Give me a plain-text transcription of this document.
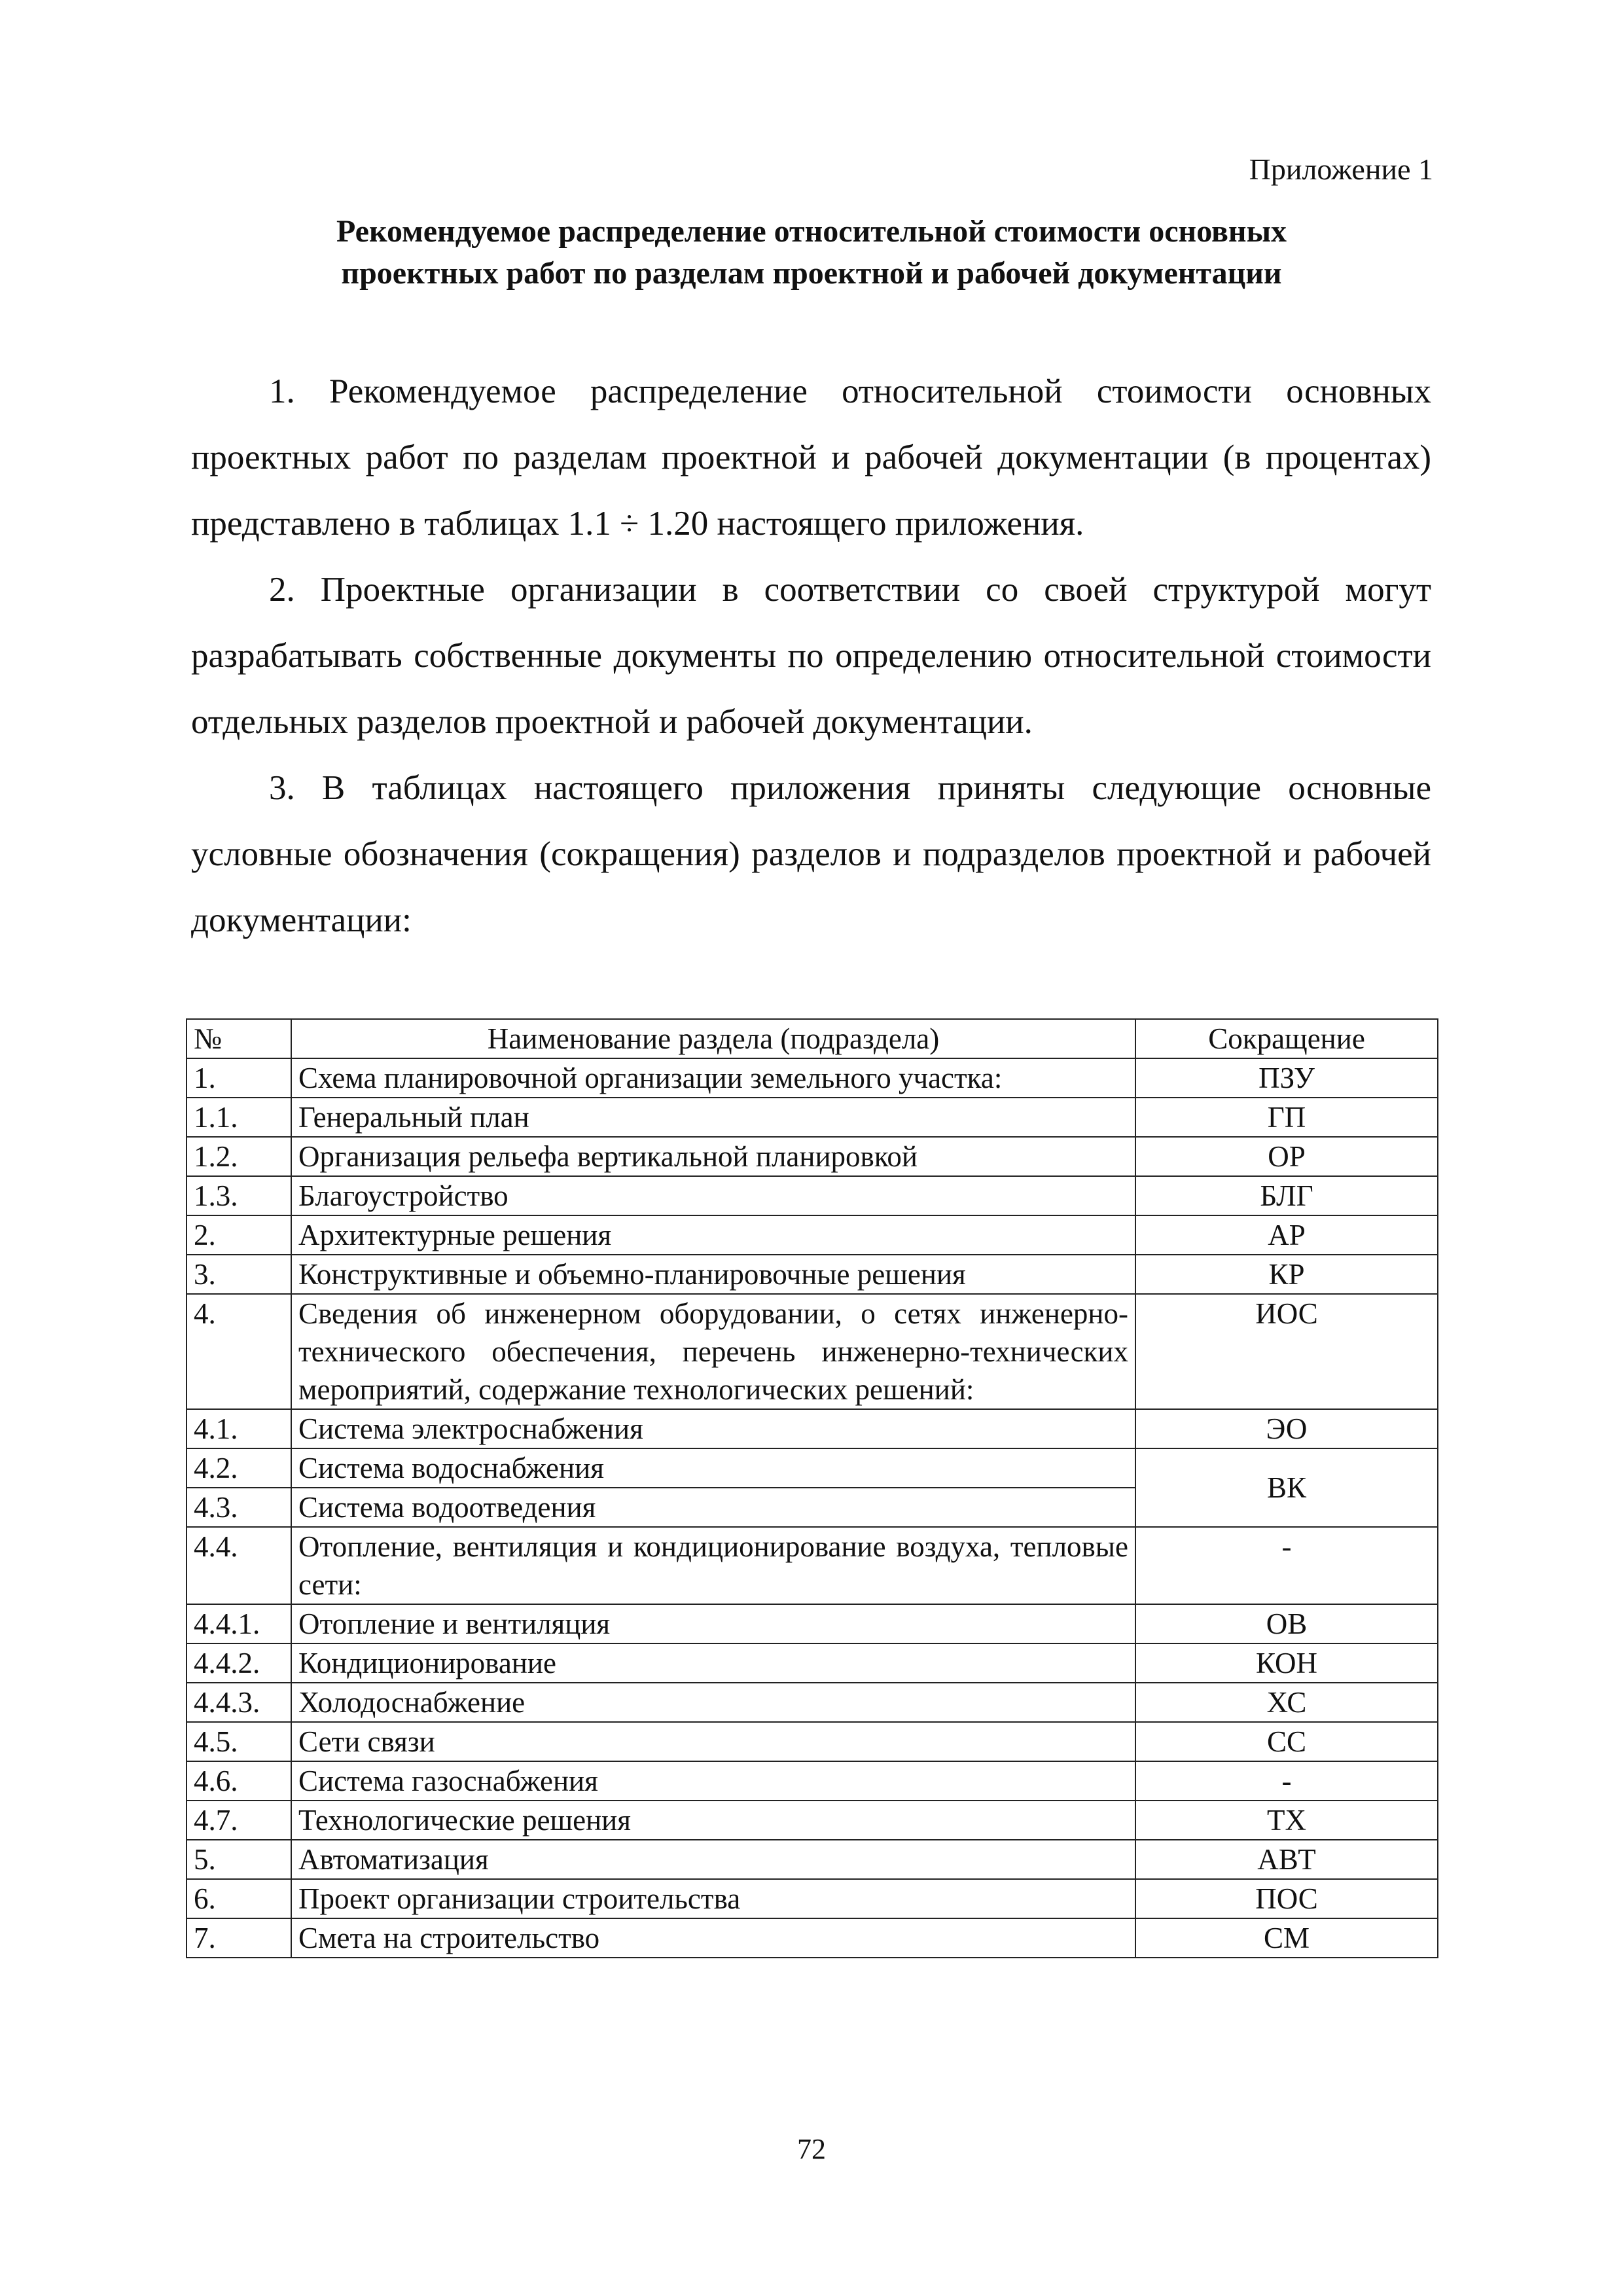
Приложение 1
Рекомендуемое распределение относительной стоимости основных
проектных работ по разделам проектной и рабочей документации

1. Рекомендуемое распределение относительной стоимости основных проектных работ по разделам проектной и рабочей документации (в процентах) представлено в таблицах 1.1 ÷ 1.20 настоящего приложения.

2. Проектные организации в соответствии со своей структурой могут разрабатывать собственные документы по определению относительной стоимости отдельных разделов проектной и рабочей документации.

3. В таблицах настоящего приложения приняты следующие основные условные обозначения (сокращения) разделов и подразделов проектной и рабочей документации:

№	Наименование раздела (подраздела)	Сокращение
1.	Схема планировочной организации земельного участка:	ПЗУ
1.1.	Генеральный план	ГП
1.2.	Организация рельефа вертикальной планировкой	ОР
1.3.	Благоустройство	БЛГ
2.	Архитектурные решения	АР
3.	Конструктивные и объемно-планировочные решения	КР
4.	Сведения об инженерном оборудовании, о сетях инженерно-технического обеспечения, перечень инженерно-технических мероприятий, содержание технологических решений:	ИОС
4.1.	Система электроснабжения	ЭО
4.2.	Система водоснабжения	ВК
4.3.	Система водоотведения	
4.4.	Отопление, вентиляция и кондиционирование воздуха, тепловые сети:	-
4.4.1.	Отопление и вентиляция	ОВ
4.4.2.	Кондиционирование	КОН
4.4.3.	Холодоснабжение	ХС
4.5.	Сети связи	СС
4.6.	Система газоснабжения	-
4.7.	Технологические решения	ТХ
5.	Автоматизация	АВТ
6.	Проект организации строительства	ПОС
7.	Смета на строительство	СМ
72
